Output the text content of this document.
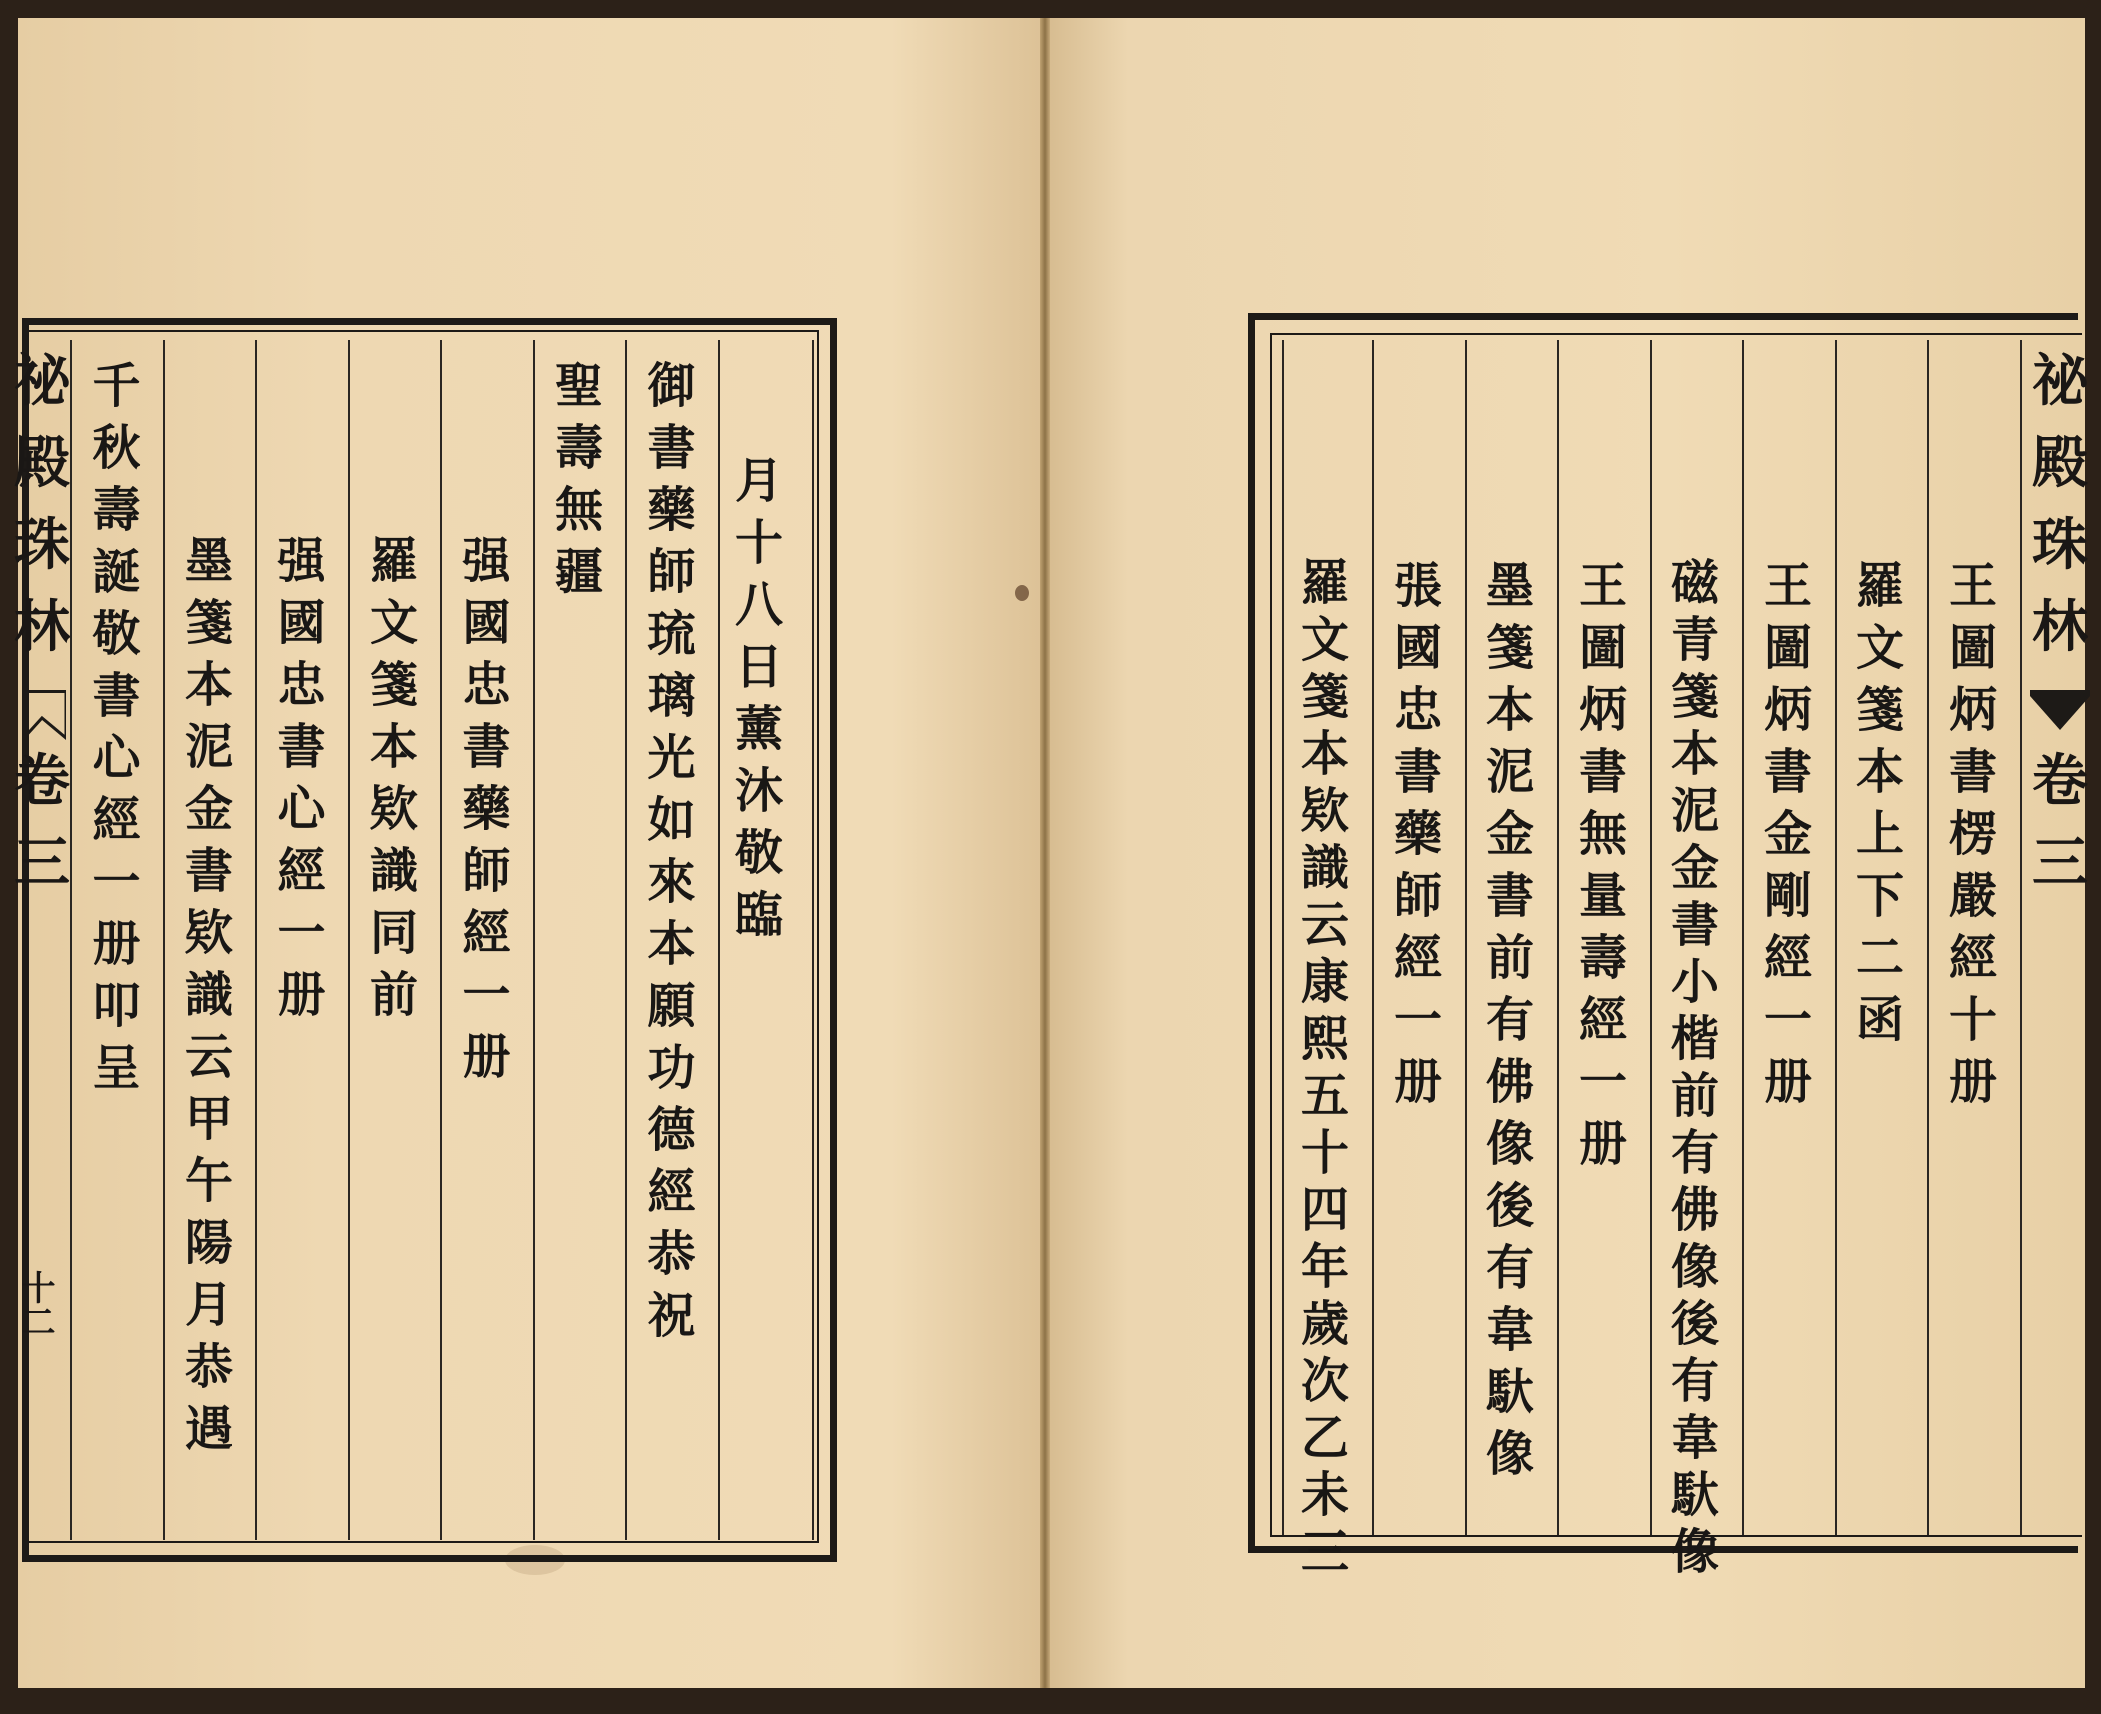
祕
殿
珠
林
卷
三
十二
祕
殿
珠
林
卷
三
月
十
八
日
薰
沐
敬
臨
御
書
藥
師
琉
璃
光
如
來
本
願
功
德
經
恭
祝
聖
壽
無
疆
强
國
忠
書
藥
師
經
一
册
羅
文
箋
本
欵
識
同
前
强
國
忠
書
心
經
一
册
墨
箋
本
泥
金
書
欵
識
云
甲
午
陽
月
恭
遇
千
秋
壽
誕
敬
書
心
經
一
册
叩
呈
王
圖
炳
書
楞
嚴
經
十
册
羅
文
箋
本
上
下
二
函
王
圖
炳
書
金
剛
經
一
册
磁
青
箋
本
泥
金
書
小
楷
前
有
佛
像
後
有
韋
馱
像
王
圖
炳
書
無
量
壽
經
一
册
墨
箋
本
泥
金
書
前
有
佛
像
後
有
韋
馱
像
張
國
忠
書
藥
師
經
一
册
羅
文
箋
本
欵
識
云
康
熙
五
十
四
年
歲
次
乙
未
三
